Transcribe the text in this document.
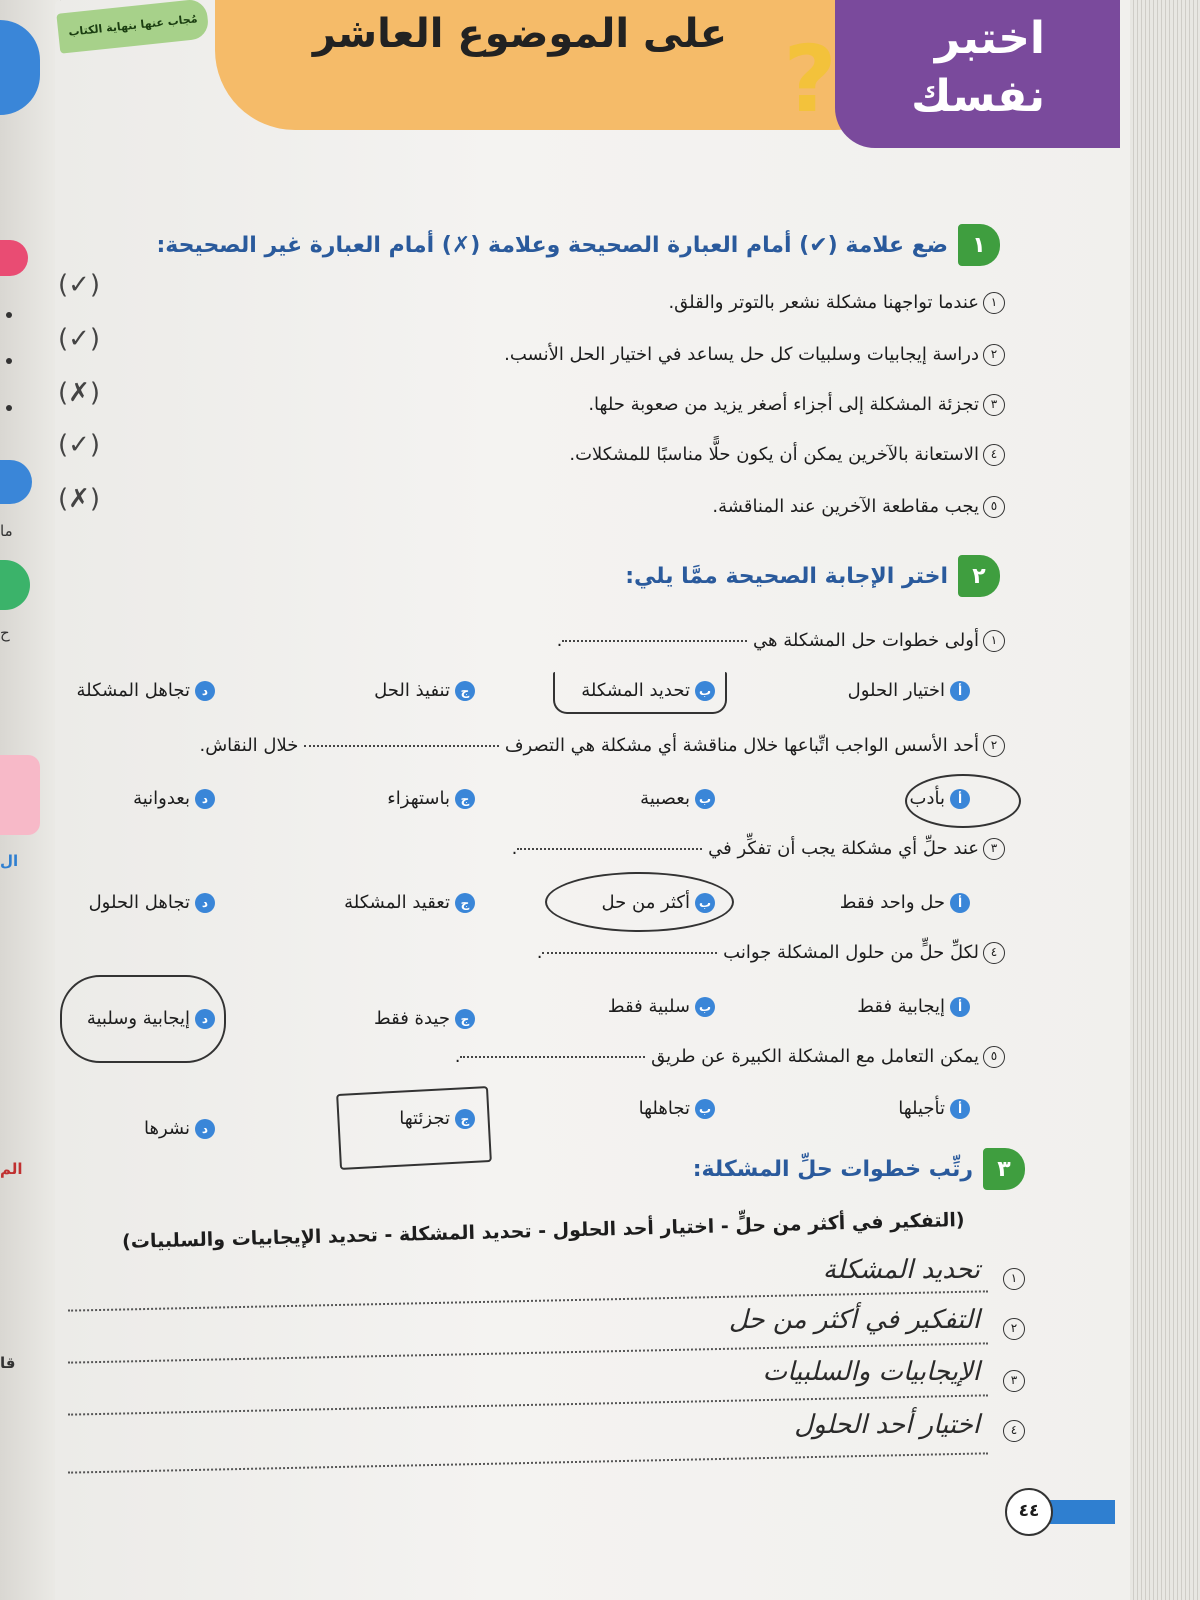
ما
ح
ال
الم
قا
مُجاب عنها بنهاية الكتاب	على الموضوع العاشر ?	اختبر نفسك
١
ضع علامة (✔) أمام العبارة الصحيحة وعلامة (✗) أمام العبارة غير الصحيحة:
١عندما تواجهنا مشكلة نشعر بالتوتر والقلق.
٢دراسة إيجابيات وسلبيات كل حل يساعد في اختيار الحل الأنسب.
٣تجزئة المشكلة إلى أجزاء أصغر يزيد من صعوبة حلها.
٤الاستعانة بالآخرين يمكن أن يكون حلًّا مناسبًا للمشكلات.
٥يجب مقاطعة الآخرين عند المناقشة.
(✓)
(✓)
(✗)
(✓)
(✗)
٢
اختر الإجابة الصحيحة ممَّا يلي:
١أولى خطوات حل المشكلة هي .
أاختيار الحلول
بتحديد المشكلة
جتنفيذ الحل
دتجاهل المشكلة
٢أحد الأسس الواجب اتِّباعها خلال مناقشة أي مشكلة هي التصرف  خلال النقاش.
أبأدب
ببعصبية
جباستهزاء
دبعدوانية
٣عند حلِّ أي مشكلة يجب أن تفكِّر في .
أحل واحد فقط
بأكثر من حل
جتعقيد المشكلة
دتجاهل الحلول
٤لكلِّ حلٍّ من حلول المشكلة جوانب .
أإيجابية فقط
بسلبية فقط
ججيدة فقط
دإيجابية وسلبية
٥يمكن التعامل مع المشكلة الكبيرة عن طريق .
أتأجيلها
بتجاهلها
جتجزئتها
دنشرها
٣
رتِّب خطوات حلِّ المشكلة:
(التفكير في أكثر من حلٍّ - اختيار أحد الحلول - تحديد المشكلة - تحديد الإيجابيات والسلبيات)
١
تحديد المشكلة
٢
التفكير في أكثر من حل
٣
الإيجابيات والسلبيات
٤
اختيار أحد الحلول
٤٤
